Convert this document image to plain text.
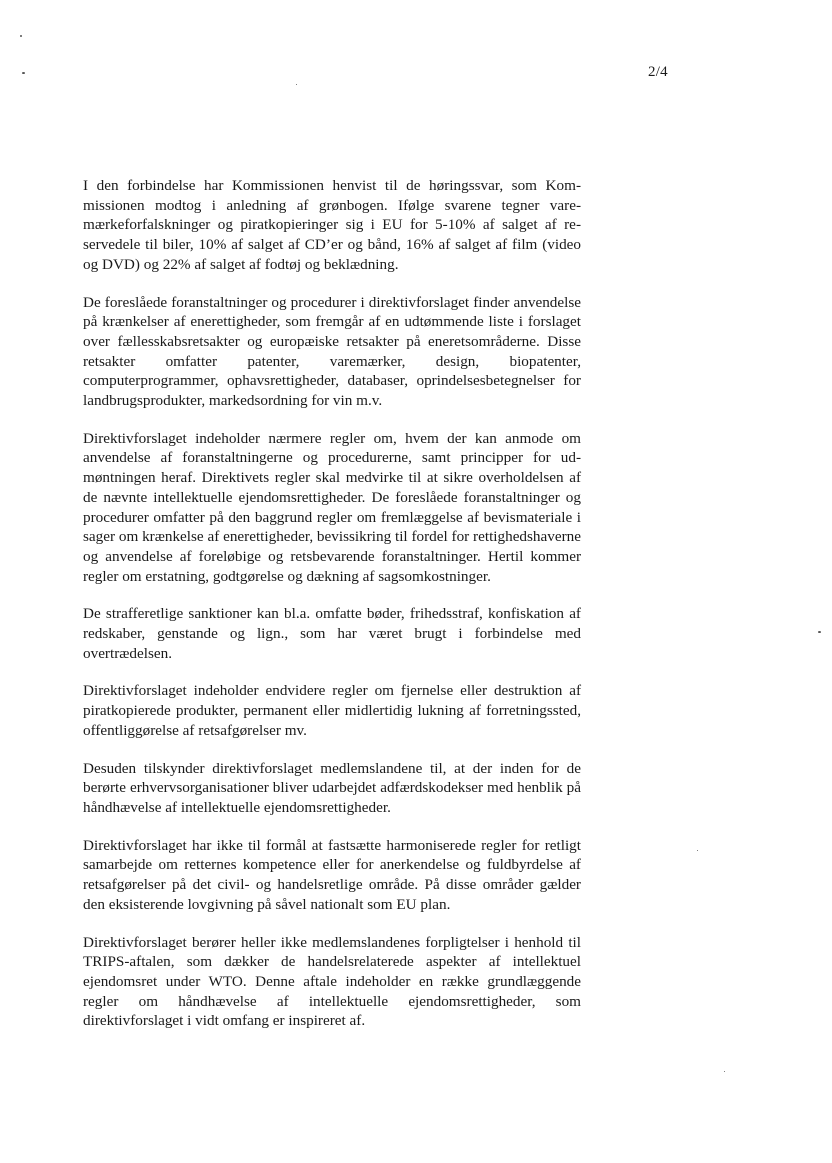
2/4

I den forbindelse har Kommissionen henvist til de høringssvar, som Kommissionen modtog i anledning af grønbogen. Ifølge svarene tegner varemærkeforfalskninger og piratkopieringer sig i EU for 5-10% af salget af reservedele til biler, 10% af salget af CD’er og bånd, 16% af salget af film (video og DVD) og 22% af salget af fodtøj og beklædning.

De foreslåede foranstaltninger og procedurer i direktivforslaget finder anvendelse på krænkelser af enerettigheder, som fremgår af en udtømmende liste i forslaget over fællesskabsretsakter og europæiske retsakter på eneretsområderne. Disse retsakter omfatter patenter, varemærker, design, biopatenter, computerprogrammer, ophavsrettigheder, databaser, oprindelsesbetegnelser for landbrugsprodukter, markedsordning for vin m.v.

Direktivforslaget indeholder nærmere regler om, hvem der kan anmode om anvendelse af foranstaltningerne og procedurerne, samt principper for udmøntningen heraf. Direktivets regler skal medvirke til at sikre overholdelsen af de nævnte intellektuelle ejendomsrettigheder. De foreslåede foranstaltninger og procedurer omfatter på den baggrund regler om fremlæggelse af bevismateriale i sager om krænkelse af enerettigheder, bevissikring til fordel for rettighedshaverne og anvendelse af foreløbige og retsbevarende foranstaltninger. Hertil kommer regler om erstatning, godtgørelse og dækning af sagsomkostninger.

De strafferetlige sanktioner kan bl.a. omfatte bøder, frihedsstraf, konfiskation af redskaber, genstande og lign., som har været brugt i forbindelse med overtrædelsen.

Direktivforslaget indeholder endvidere regler om fjernelse eller destruktion af piratkopierede produkter, permanent eller midlertidig lukning af forretningssted, offentliggørelse af retsafgørelser mv.

Desuden tilskynder direktivforslaget medlemslandene til, at der inden for de berørte erhvervsorganisationer bliver udarbejdet adfærdskodekser med henblik på håndhævelse af intellektuelle ejendomsrettigheder.

Direktivforslaget har ikke til formål at fastsætte harmoniserede regler for retligt samarbejde om retternes kompetence eller for anerkendelse og fuldbyrdelse af retsafgørelser på det civil- og handelsretlige område. På disse områder gælder den eksisterende lovgivning på såvel nationalt som EU plan.

Direktivforslaget berører heller ikke medlemslandenes forpligtelser i henhold til TRIPS-aftalen, som dækker de handelsrelaterede aspekter af intellektuel ejendomsret under WTO. Denne aftale indeholder en række grundlæggende regler om håndhævelse af intellektuelle ejendomsrettigheder, som direktivforslaget i vidt omfang er inspireret af.
